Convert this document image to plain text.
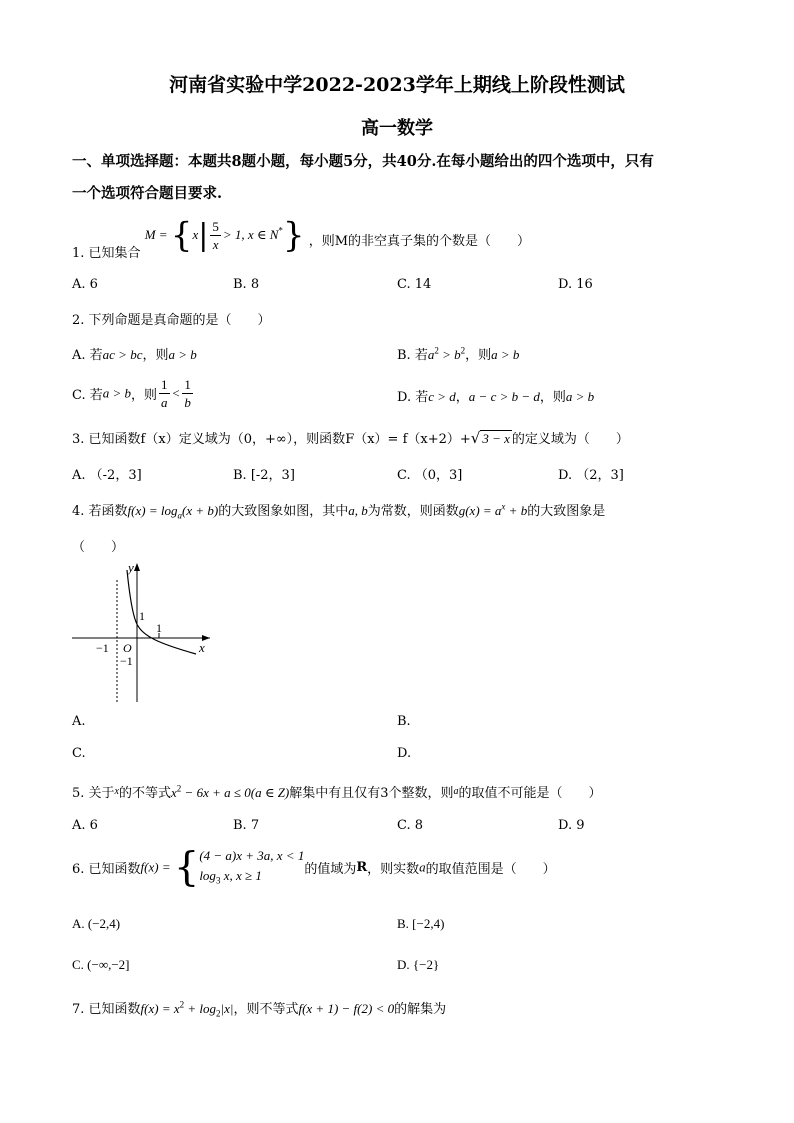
河南省实验中学2022-2023学年上期线上阶段性测试
高一数学
一、单项选择题：本题共8题小题，每小题5分，共40分.在每小题给出的四个选项中，只有
一个选项符合题目要求.
1. 已知集合 $M = \{x| \frac{5}{x} > 1$, x ∈ N*} ，则M的非空真子集的个数是（　　）
A. 6	B. 8	C. 14	D. 16
2. 下列命题是真命题的是（　　）
A. 若ac > bc，则a > b	B. 若$a^2 > b^2$，则a > b
C. 若a > b，则 $\frac{1}{a} < \frac{1}{b}$	D. 若c > d，a − c > b − d，则a > b
3. 已知函数f（x）定义域为（0，+∞），则函数F（x）= f（x+2）+√ 3 − x 的定义域为（　　）
A. （-2，3]	B. [-2，3]	C. （0，3]	D. （2，3]
4. 若函数$f(x) = \log_a(x + b)$的大致图象如图，其中a, b为常数，则函数$g(x) = a^x + b$的大致图象是
（　　）
y
x
1
1
−1 O
−1
A.	B.
C.	D.
5. 关于$^x$的不等式$x^2 - 6x + a \le 0(a$ ∈ Z)解集中有且仅有3个整数，则$^a$的取值不可能是（　　）
A. 6	B. 7	C. 8	D. 9
6. 已知函数f(x) = { (4 − a)x + 3a, x < 1
$\log_3 x$, x ≥ 1	的值域为R，则实数a的取值范围是（　　）
A. (−2,4)	B. [−2,4)
C. (−∞,−2]	D. {−2}
7. 已知函数$f(x) = x^2 + \log_2|x|$，则不等式f(x + 1) − f(2) < 0的解集为
